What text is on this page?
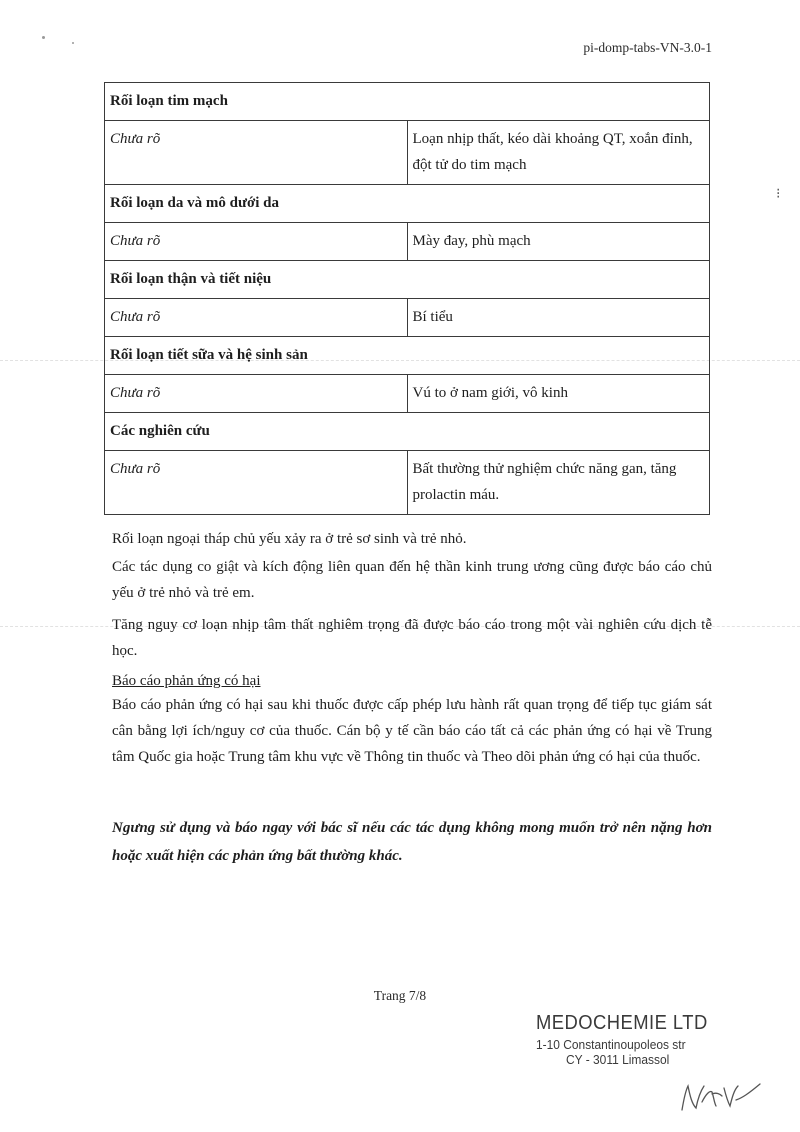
⁝
pi-domp-tabs-VN-3.0-1
Rối loạn tim mạch	
Chưa rõ	Loạn nhịp thất, kéo dài khoảng QT, xoắn đỉnh, đột tử do tim mạch
Rối loạn da và mô dưới da	
Chưa rõ	Mày đay, phù mạch
Rối loạn thận và tiết niệu	
Chưa rõ	Bí tiểu
Rối loạn tiết sữa và hệ sinh sản	
Chưa rõ	Vú to ở nam giới, vô kinh
Các nghiên cứu	
Chưa rõ	Bất thường thử nghiệm chức năng gan, tăng prolactin máu.

Rối loạn ngoại tháp chủ yếu xảy ra ở trẻ sơ sinh và trẻ nhỏ.

Các tác dụng co giật và kích động liên quan đến hệ thần kinh trung ương cũng được báo cáo chủ yếu ở trẻ nhỏ và trẻ em.

Tăng nguy cơ loạn nhịp tâm thất nghiêm trọng đã được báo cáo trong một vài nghiên cứu dịch tễ học.

Báo cáo phản ứng có hại

Báo cáo phản ứng có hại sau khi thuốc được cấp phép lưu hành rất quan trọng để tiếp tục giám sát cân bằng lợi ích/nguy cơ của thuốc. Cán bộ y tế cần báo cáo tất cả các phản ứng có hại về Trung tâm Quốc gia hoặc Trung tâm khu vực về Thông tin thuốc và Theo dõi phản ứng có hại của thuốc.

Ngưng sử dụng và báo ngay với bác sĩ nếu các tác dụng không mong muốn trở nên nặng hơn hoặc xuất hiện các phản ứng bất thường khác.

Trang 7/8
MEDOCHEMIE LTD
1-10 Constantinoupoleos str
CY - 3011 Limassol
